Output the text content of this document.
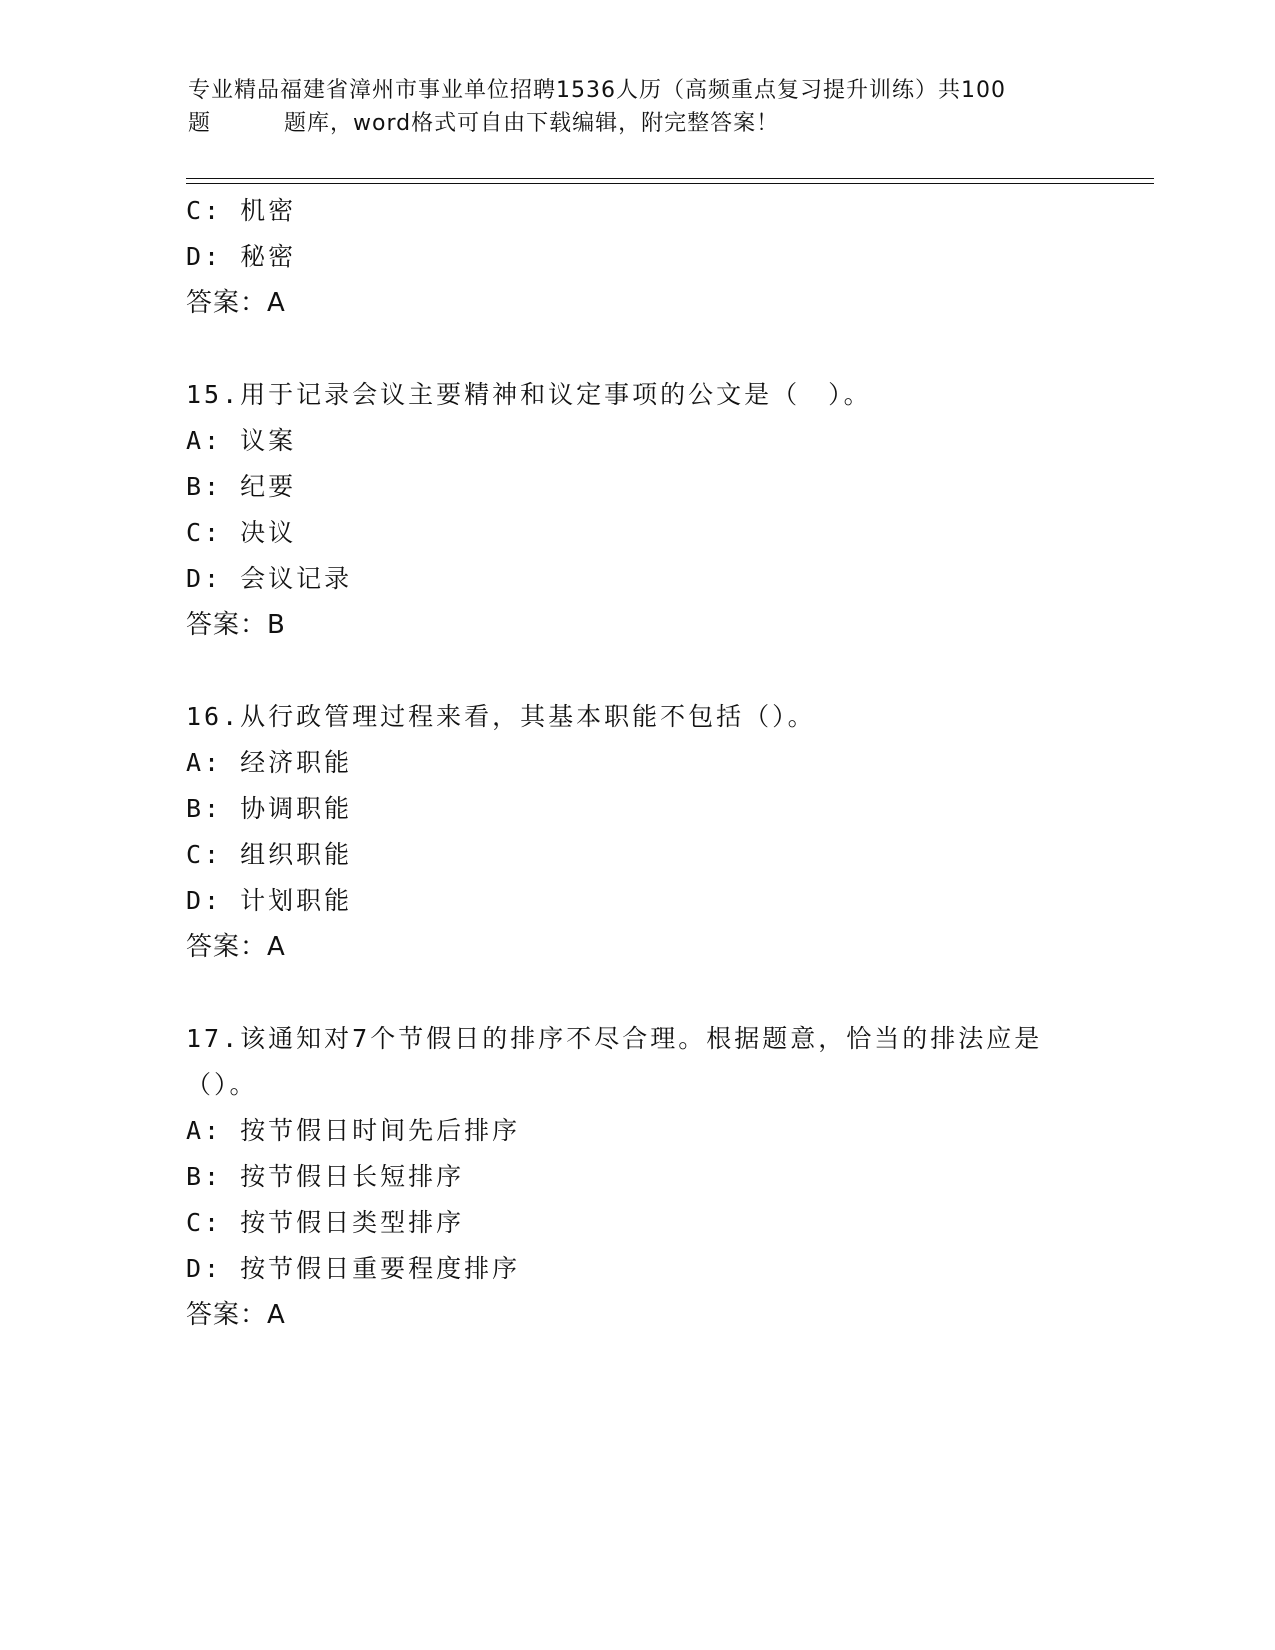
专业精品福建省漳州市事业单位招聘1536人历（高频重点复习提升训练）共100
题	题库，word格式可自由下载编辑，附完整答案！
C: 机密
D: 秘密
答案：A
15.用于记录会议主要精神和议定事项的公文是（　）。
A: 议案
B: 纪要
C: 决议
D: 会议记录
答案：B
16.从行政管理过程来看，其基本职能不包括（）。
A: 经济职能
B: 协调职能
C: 组织职能
D: 计划职能
答案：A
17.该通知对7个节假日的排序不尽合理。根据题意，恰当的排法应是
（）。
A: 按节假日时间先后排序
B: 按节假日长短排序
C: 按节假日类型排序
D: 按节假日重要程度排序
答案：A
